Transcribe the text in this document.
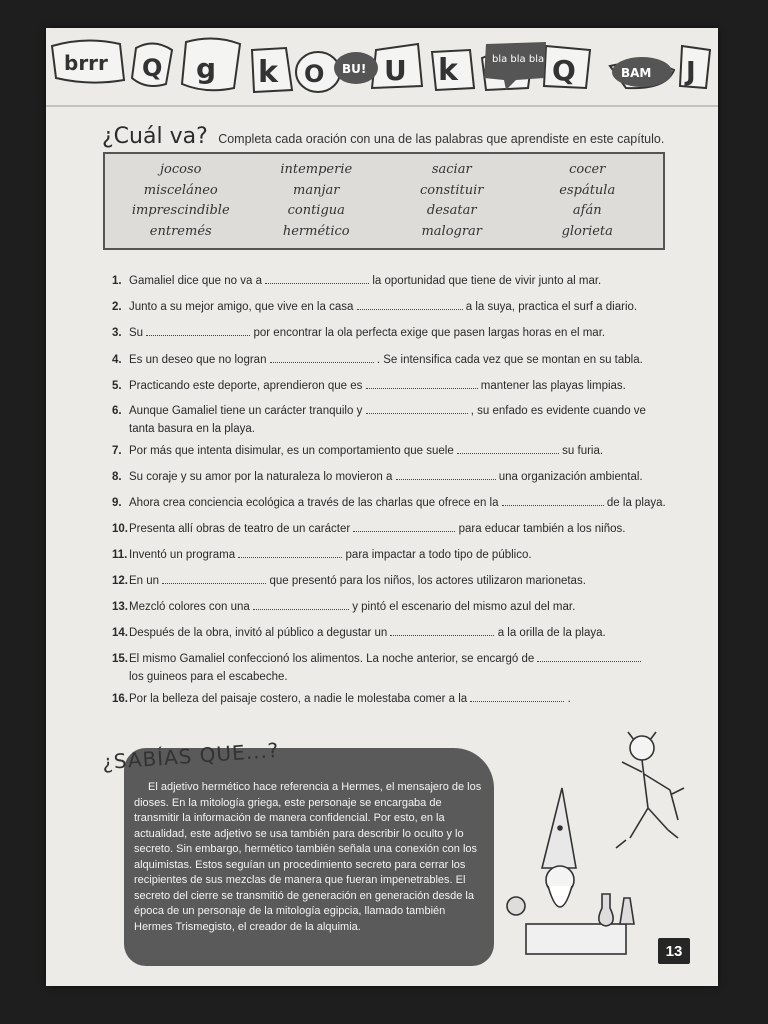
brrr Q g k O U k	Q	J
BU!
bla bla bla
BAM
¿Cuál va? Completa cada oración con una de las palabras que aprendiste en este capítulo.
jocoso	intemperie	saciar	cocer
misceláneo	manjar	constituir	espátula
imprescindible	contigua	desatar	afán
entremés	hermético	malograr	glorieta
1. Gamaliel dice que no va a	la oportunidad que tiene de vivir junto al mar.
2. Junto a su mejor amigo, que vive en la casa	a la suya, practica el surf a diario.
3. Su	por encontrar la ola perfecta exige que pasen largas horas en el mar.
4. Es un deseo que no logran	. Se intensifica cada vez que se montan en su tabla.
5. Practicando este deporte, aprendieron que es	mantener las playas limpias.
6. Aunque Gamaliel tiene un carácter tranquilo y	, su enfado es evidente cuando ve
tanta basura en la playa.
7. Por más que intenta disimular, es un comportamiento que suele	su furia.
8. Su coraje y su amor por la naturaleza lo movieron a	una organización ambiental.
9. Ahora crea conciencia ecológica a través de las charlas que ofrece en la	de la playa.
10. Presenta allí obras de teatro de un carácter	para educar también a los niños.
11. Inventó un programa	para impactar a todo tipo de público.
12. En un	que presentó para los niños, los actores utilizaron marionetas.
13. Mezcló colores con una	y pintó el escenario del mismo azul del mar.
14. Después de la obra, invitó al público a degustar un	a la orilla de la playa.
15. El mismo Gamaliel confeccionó los alimentos. La noche anterior, se encargó de
los guineos para el escabeche.
16. Por la belleza del paisaje costero, a nadie le molestaba comer a la	.
¿SABÍAS QUE...?

El adjetivo hermético hace referencia a Hermes, el mensajero de los dioses. En la mitología griega, este personaje se encargaba de transmitir la información de manera confidencial. Por esto, en la actualidad, este adjetivo se usa también para describir lo oculto y lo secreto. Sin embargo, hermético también señala una conexión con los alquimistas. Estos seguían un procedimiento secreto para cerrar los recipientes de sus mezclas de manera que fueran impenetrables. El secreto del cierre se transmitió de generación en generación desde la época de un personaje de la mitología egipcia, llamado también Hermes Trismegisto, el creador de la alquimia.

13
